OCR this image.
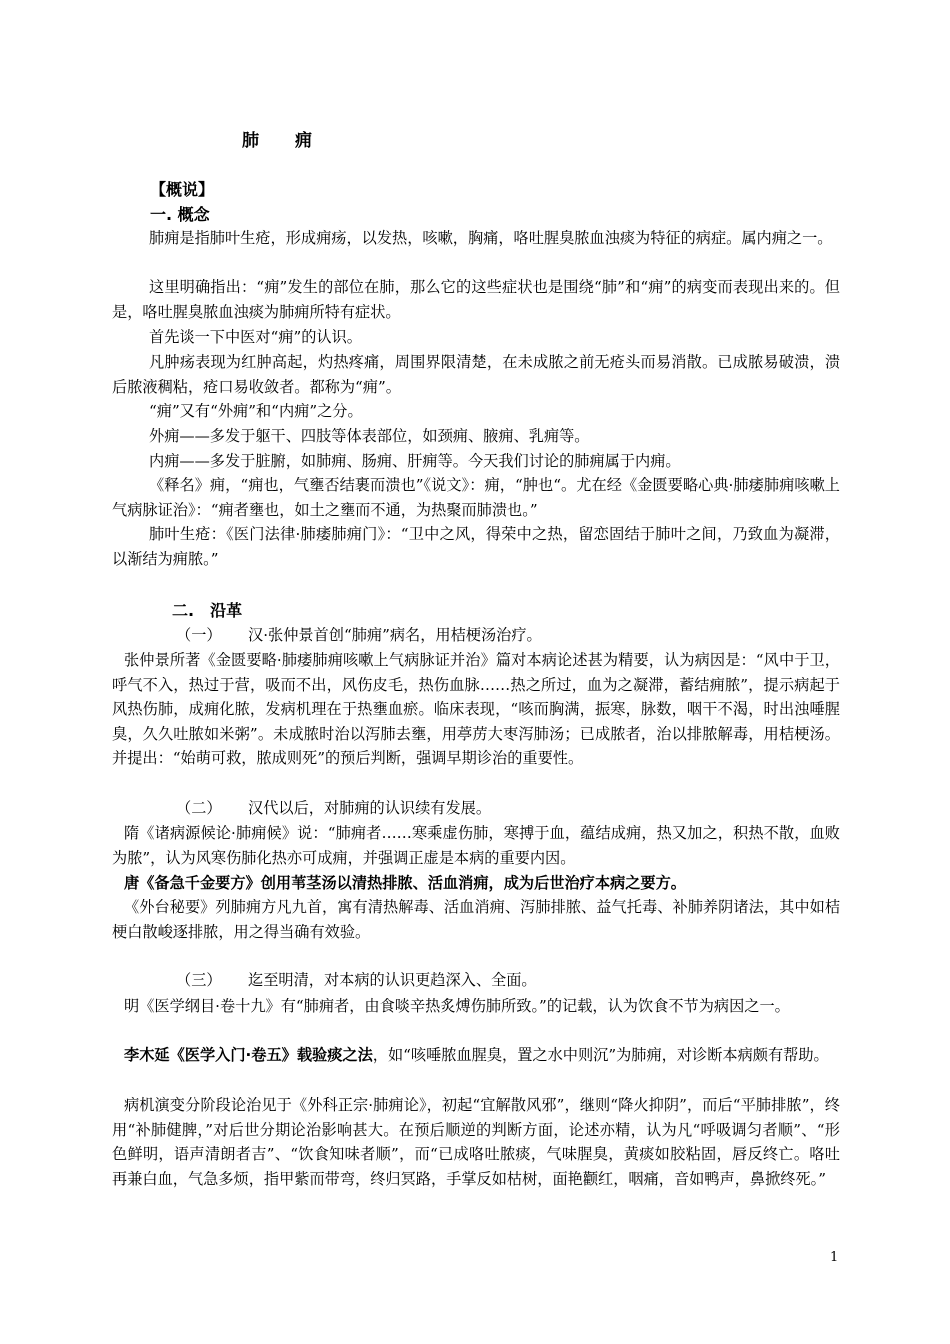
肺 痈
【概说】
一. 概念

肺痈是指肺叶生疮，形成痈疡，以发热，咳嗽，胸痛，咯吐腥臭脓血浊痰为特征的病症。属内痈之一。

这里明确指出：“痈”发生的部位在肺，那么它的这些症状也是围绕“肺”和“痈”的病变而表现出来的。但是，咯吐腥臭脓血浊痰为肺痈所特有症状。

首先谈一下中医对“痈”的认识。

凡肿疡表现为红肿高起，灼热疼痛，周围界限清楚，在未成脓之前无疮头而易消散。已成脓易破溃，溃后脓液稠粘，疮口易收敛者。都称为“痈”。

“痈”又有“外痈”和“内痈”之分。

外痈——多发于躯干、四肢等体表部位，如颈痈、腋痈、乳痈等。

内痈——多发于脏腑，如肺痈、肠痈、肝痈等。今天我们讨论的肺痈属于内痈。

《释名》痈，“痈也，气壅否结裹而溃也”《说文》：痈，“肿也“。尤在经《金匮要略心典·肺痿肺痈咳嗽上气病脉证治》：“痈者壅也，如土之壅而不通，为热聚而肺溃也。”

肺叶生疮：《医门法律·肺痿肺痈门》：“卫中之风，得荣中之热，留恋固结于肺叶之间，乃致血为凝滞，以渐结为痈脓。”

二.　沿革
（一） 汉·张仲景首创“肺痈”病名，用桔梗汤治疗。

张仲景所著《金匮要略·肺痿肺痈咳嗽上气病脉证并治》篇对本病论述甚为精要，认为病因是：“风中于卫，呼气不入，热过于营，吸而不出，风伤皮毛，热伤血脉……热之所过，血为之凝滞，蓄结痈脓”，提示病起于风热伤肺，成痈化脓，发病机理在于热壅血瘀。临床表现，“咳而胸满，振寒，脉数，咽干不渴，时出浊唾腥臭，久久吐脓如米粥”。未成脓时治以泻肺去壅，用葶苈大枣泻肺汤；已成脓者，治以排脓解毒，用桔梗汤。并提出：“始萌可救，脓成则死”的预后判断，强调早期诊治的重要性。

（二） 汉代以后，对肺痈的认识续有发展。

隋《诸病源候论·肺痈候》说：“肺痈者……寒乘虚伤肺，寒搏于血，蕴结成痈，热又加之，积热不散，血败为脓”，认为风寒伤肺化热亦可成痈，并强调正虚是本病的重要内因。

唐《备急千金要方》创用苇茎汤以清热排脓、活血消痈，成为后世治疗本病之要方。

《外台秘要》列肺痈方凡九首，寓有清热解毒、活血消痈、泻肺排脓、益气托毒、补肺养阴诸法，其中如桔梗白散峻逐排脓，用之得当确有效验。

（三） 迄至明清，对本病的认识更趋深入、全面。

明《医学纲目·卷十九》有“肺痈者，由食啖辛热炙煿伤肺所致。”的记载，认为饮食不节为病因之一。

李木延《医学入门·卷五》载验痰之法，如“咳唾脓血腥臭，置之水中则沉”为肺痈，对诊断本病颇有帮助。

病机演变分阶段论治见于《外科正宗·肺痈论》，初起“宜解散风邪”，继则“降火抑阴”，而后“平肺排脓”，终用“补肺健脾，”对后世分期论治影响甚大。在预后顺逆的判断方面，论述亦精，认为凡“呼吸调匀者顺”、“形色鲜明，语声清朗者吉”、“饮食知味者顺”，而“已成咯吐脓痰，气味腥臭，黄痰如胶粘固，唇反终亡。咯吐再兼白血，气急多烦，指甲紫而带弯，终归冥路，手掌反如枯树，面艳颧红，咽痛，音如鸭声，鼻掀终死。”

1
